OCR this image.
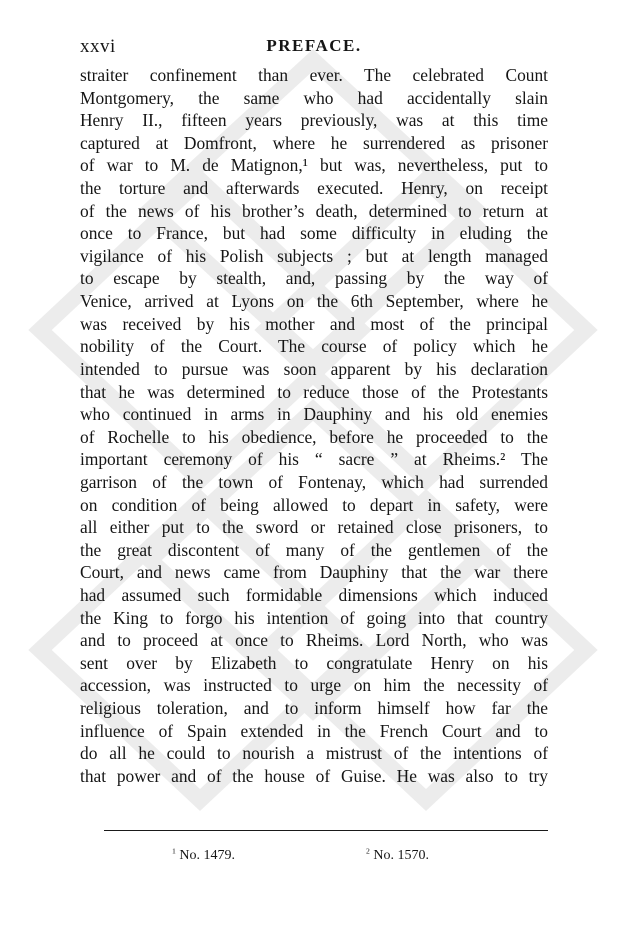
xxvi	PREFACE.
straiter confinement than ever. The celebrated Count
Montgomery, the same who had accidentally slain
Henry II., fifteen years previously, was at this time
captured at Domfront, where he surrendered as prisoner
of war to M. de Matignon,¹ but was, nevertheless, put to
the torture and afterwards executed. Henry, on receipt
of the news of his brother’s death, determined to return at
once to France, but had some difficulty in eluding the
vigilance of his Polish subjects ; but at length managed
to escape by stealth, and, passing by the way of
Venice, arrived at Lyons on the 6th September, where he
was received by his mother and most of the principal
nobility of the Court. The course of policy which he
intended to pursue was soon apparent by his declaration
that he was determined to reduce those of the Protestants
who continued in arms in Dauphiny and his old enemies
of Rochelle to his obedience, before he proceeded to the
important ceremony of his “ sacre ” at Rheims.² The
garrison of the town of Fontenay, which had surrended
on condition of being allowed to depart in safety, were
all either put to the sword or retained close prisoners, to
the great discontent of many of the gentlemen of the
Court, and news came from Dauphiny that the war there
had assumed such formidable dimensions which induced
the King to forgo his intention of going into that country
and to proceed at once to Rheims. Lord North, who was
sent over by Elizabeth to congratulate Henry on his
accession, was instructed to urge on him the necessity of
religious toleration, and to inform himself how far the
influence of Spain extended in the French Court and to
do all he could to nourish a mistrust of the intentions of
that power and of the house of Guise. He was also to try
$^1$ No. 1479.	$^2$ No. 1570.
